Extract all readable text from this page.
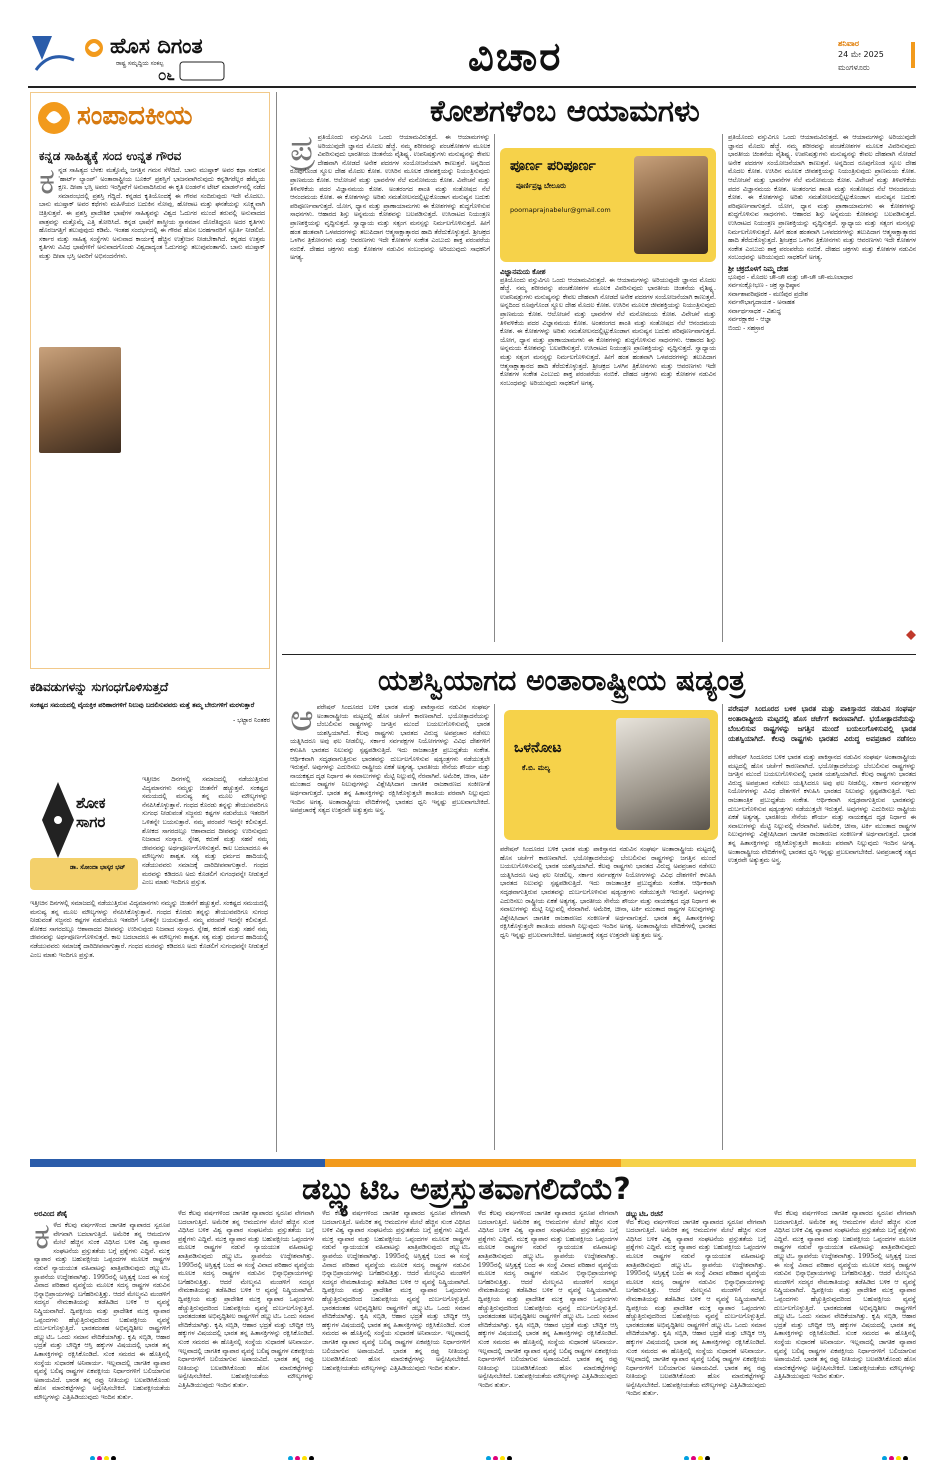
ಹೊಸ ದಿಗಂತ
ರಾಷ್ಟ್ರ ಸಮೃದ್ಧಿಯ ಸಂಕಲ್ಪ
೦೬	ವಿಚಾರ	ಶನಿವಾರ
24 ಮೇ 2025
ಮಂಗಳೂರು
ಸಂಪಾದಕೀಯ
ಕನ್ನಡ ಸಾಹಿತ್ಯಕ್ಕೆ ಸಂದ ಉನ್ನತ ಗೌರವ
ಕ ನ್ನಡ ಸಾಹಿತ್ಯದ ಬೆಳಕು ಮತ್ತೊಮ್ಮೆ ಜಗತ್ತಿನ ಗಮನ ಸೆಳೆದಿದೆ. ಬಾನು ಮುಷ್ತಾಕ್ ಅವರ ಕಥಾ ಸಂಕಲನ 'ಹಾರ್ಟ್ ಲ್ಯಾಂಪ್' ಅಂತಾರಾಷ್ಟ್ರೀಯ ಬೂಕರ್ ಪ್ರಶಸ್ತಿಗೆ ಭಾಜನವಾಗಿರುವುದು ಕನ್ನಡಿಗರೆಲ್ಲರ ಹೆಮ್ಮೆಯ ಕ್ಷಣ. ದೀಪಾ ಭಸ್ತಿ ಅವರು ಇಂಗ್ಲಿಷ್‌ಗೆ ಅನುವಾದಿಸಿರುವ ಈ ಕೃತಿ ಲಂಡನ್‌ನ ಟೇಟ್ ಮಾಡರ್ನ್‌ನಲ್ಲಿ ನಡೆದ ಸಮಾರಂಭದಲ್ಲಿ ಪ್ರಶಸ್ತಿ ಗೆದ್ದಿದೆ. ಕನ್ನಡದ ಕೃತಿಯೊಂದಕ್ಕೆ ಈ ಗೌರವ ಸಂದಿರುವುದು ಇದೇ ಮೊದಲು. ಬಾನು ಮುಷ್ತಾಕ್ ಅವರ ಕಥೆಗಳು ಮಹಿಳೆಯರ ಬದುಕಿನ ನೋವು, ಹೋರಾಟ ಮತ್ತು ಘನತೆಯನ್ನು ಸೂಕ್ಷ್ಮವಾಗಿ ಚಿತ್ರಿಸುತ್ತವೆ. ಈ ಪ್ರಶಸ್ತಿ ಪ್ರಾದೇಶಿಕ ಭಾಷೆಗಳ ಸಾಹಿತ್ಯವನ್ನು ವಿಶ್ವದ ಓದುಗರ ಮುಂದೆ ತರುವಲ್ಲಿ ಅನುವಾದದ ಪಾತ್ರವನ್ನು ಮತ್ತೊಮ್ಮೆ ಎತ್ತಿ ತೋರಿಸಿದೆ. ಕನ್ನಡ ಭಾಷೆಗೆ ಶಾಸ್ತ್ರೀಯ ಸ್ಥಾನಮಾನ ದೊರೆತಿದ್ದರೂ ಅದರ ಕೃತಿಗಳು ಹೊರಜಗತ್ತಿಗೆ ತಲುಪುವುದು ಕಡಿಮೆ. ಇಂತಹ ಸಂದರ್ಭದಲ್ಲಿ ಈ ಗೌರವ ಹೊಸ ಬರಹಗಾರರಿಗೆ ಸ್ಫೂರ್ತಿ ನೀಡಲಿದೆ. ಸರ್ಕಾರ ಮತ್ತು ಸಾಹಿತ್ಯ ಸಂಸ್ಥೆಗಳು ಅನುವಾದ ಕಾರ್ಯಕ್ಕೆ ಹೆಚ್ಚಿನ ಉತ್ತೇಜನ ನೀಡಬೇಕಾಗಿದೆ. ಕನ್ನಡದ ಉತ್ತಮ ಕೃತಿಗಳು ವಿವಿಧ ಭಾಷೆಗಳಿಗೆ ಅನುವಾದಗೊಂಡು ವಿಶ್ವದಾದ್ಯಂತ ಓದುಗರನ್ನು ತಲುಪುವಂತಾಗಲಿ. ಬಾನು ಮುಷ್ತಾಕ್ ಮತ್ತು ದೀಪಾ ಭಸ್ತಿ ಅವರಿಗೆ ಅಭಿನಂದನೆಗಳು.
ಕಡಿವಡುಗಳನ್ನು ಸುಗಂಧಗೊಳಿಸುತ್ತದೆ
ಸಂಕಷ್ಟದ ಸಮಯದಲ್ಲಿ ವೈಯಕ್ತಿಕ ಪರಿಹಾರಗಳಿಗೆ ನಿಲುವು ಬದಲಿಸುವವರು ಮತ್ತೆ ತಮ್ಮ ಬೇರುಗಳಿಗೆ ಮರಳುತ್ತಾರೆ
- ಭಟ್ಟಾರ ನಿಂತಕರ
ಶೋಕ ಸಾಗರ
ಡಾ. ಸೋಂದಾ ಭಾಸ್ಕರ ಭಟ್
ಇತ್ತೀಚಿನ ದಿನಗಳಲ್ಲಿ ಸಮಾಜದಲ್ಲಿ ನಡೆಯುತ್ತಿರುವ ವಿದ್ಯಮಾನಗಳು ನಮ್ಮನ್ನು ಚಿಂತನೆಗೆ ಹಚ್ಚುತ್ತವೆ. ಸಂಕಷ್ಟದ ಸಮಯದಲ್ಲಿ ಮನುಷ್ಯ ತನ್ನ ಮೂಲ ಮೌಲ್ಯಗಳನ್ನು ನೆನಪಿಸಿಕೊಳ್ಳುತ್ತಾನೆ. ಗಂಧದ ಕೊರಡು ತನ್ನನ್ನು ತೇಯುವವರಿಗೂ ಸುಗಂಧ ನೀಡುವಂತೆ ಸಜ್ಜನರು ಕಷ್ಟಗಳ ನಡುವೆಯೂ ಇತರರಿಗೆ ಒಳಿತನ್ನೇ ಬಯಸುತ್ತಾರೆ. ನಮ್ಮ ಪರಂಪರೆ ಇದನ್ನೇ ಕಲಿಸುತ್ತದೆ. ಶೋಕದ ಸಾಗರದಲ್ಲೂ ಆಶಾವಾದದ ದೀಪವನ್ನು ಉರಿಸುವುದು ನಿಜವಾದ ಸಂಸ್ಕಾರ. ಸ್ನೇಹ, ಕರುಣೆ ಮತ್ತು ಸಹನೆ ನಮ್ಮ ಜೀವನವನ್ನು ಅರ್ಥಪೂರ್ಣಗೊಳಿಸುತ್ತವೆ. ಕಾಲ ಬದಲಾದರೂ ಈ ಮೌಲ್ಯಗಳು ಶಾಶ್ವತ. ಸತ್ಯ ಮತ್ತು ಧರ್ಮದ ಹಾದಿಯಲ್ಲಿ ನಡೆಯುವವರು ಸಮಾಜಕ್ಕೆ ದಾರಿದೀಪವಾಗುತ್ತಾರೆ. ಗಂಧದ ಮರವನ್ನು ಕಡಿದರೂ ಅದು ಕೊಡಲಿಗೆ ಸುಗಂಧವನ್ನೇ ನೀಡುತ್ತದೆ ಎಂಬ ಮಾತು ಇಂದಿಗೂ ಪ್ರಸ್ತುತ.
ಇತ್ತೀಚಿನ ದಿನಗಳಲ್ಲಿ ಸಮಾಜದಲ್ಲಿ ನಡೆಯುತ್ತಿರುವ ವಿದ್ಯಮಾನಗಳು ನಮ್ಮನ್ನು ಚಿಂತನೆಗೆ ಹಚ್ಚುತ್ತವೆ. ಸಂಕಷ್ಟದ ಸಮಯದಲ್ಲಿ ಮನುಷ್ಯ ತನ್ನ ಮೂಲ ಮೌಲ್ಯಗಳನ್ನು ನೆನಪಿಸಿಕೊಳ್ಳುತ್ತಾನೆ. ಗಂಧದ ಕೊರಡು ತನ್ನನ್ನು ತೇಯುವವರಿಗೂ ಸುಗಂಧ ನೀಡುವಂತೆ ಸಜ್ಜನರು ಕಷ್ಟಗಳ ನಡುವೆಯೂ ಇತರರಿಗೆ ಒಳಿತನ್ನೇ ಬಯಸುತ್ತಾರೆ. ನಮ್ಮ ಪರಂಪರೆ ಇದನ್ನೇ ಕಲಿಸುತ್ತದೆ. ಶೋಕದ ಸಾಗರದಲ್ಲೂ ಆಶಾವಾದದ ದೀಪವನ್ನು ಉರಿಸುವುದು ನಿಜವಾದ ಸಂಸ್ಕಾರ. ಸ್ನೇಹ, ಕರುಣೆ ಮತ್ತು ಸಹನೆ ನಮ್ಮ ಜೀವನವನ್ನು ಅರ್ಥಪೂರ್ಣಗೊಳಿಸುತ್ತವೆ. ಕಾಲ ಬದಲಾದರೂ ಈ ಮೌಲ್ಯಗಳು ಶಾಶ್ವತ. ಸತ್ಯ ಮತ್ತು ಧರ್ಮದ ಹಾದಿಯಲ್ಲಿ ನಡೆಯುವವರು ಸಮಾಜಕ್ಕೆ ದಾರಿದೀಪವಾಗುತ್ತಾರೆ. ಗಂಧದ ಮರವನ್ನು ಕಡಿದರೂ ಅದು ಕೊಡಲಿಗೆ ಸುಗಂಧವನ್ನೇ ನೀಡುತ್ತದೆ ಎಂಬ ಮಾತು ಇಂದಿಗೂ ಪ್ರಸ್ತುತ.
ಕೋಶಗಳೆಂಬ ಆಯಾಮಗಳು
ಪ್ರ ಪ್ರತಿಯೊಂದು ವಸ್ತುವಿಗೂ ಒಂದು ಆಯಾಮವಿರುತ್ತದೆ. ಈ ಆಯಾಮಗಳನ್ನು ಅರಿಯುವುದೇ ಜ್ಞಾನದ ಮೊದಲ ಹೆಜ್ಜೆ. ನಮ್ಮ ಶರೀರವನ್ನು ಪಂಚಕೋಶಗಳ ಮೂಲಕ ವಿವರಿಸುವುದು ಭಾರತೀಯ ಚಿಂತನೆಯ ವೈಶಿಷ್ಟ್ಯ. ಉಪನಿಷತ್ತುಗಳು ಮನುಷ್ಯನನ್ನು ಕೇವಲ ದೇಹವಾಗಿ ನೋಡದೆ ಅನೇಕ ಪದರಗಳ ಸಂಯೋಜನೆಯಾಗಿ ಕಾಣುತ್ತವೆ. ಅನ್ನದಿಂದ ರೂಪುಗೊಂಡ ಸ್ಥೂಲ ದೇಹ ಮೊದಲ ಕೋಶ. ಉಸಿರಿನ ಮೂಲಕ ಜೀವಶಕ್ತಿಯನ್ನು ನಿಯಂತ್ರಿಸುವುದು ಪ್ರಾಣಮಯ ಕೋಶ. ಆಲೋಚನೆ ಮತ್ತು ಭಾವನೆಗಳ ನೆಲೆ ಮನೋಮಯ ಕೋಶ. ವಿವೇಚನೆ ಮತ್ತು ತಿಳಿವಳಿಕೆಯ ಪದರ ವಿಜ್ಞಾನಮಯ ಕೋಶ. ಅಂತರಂಗದ ಶಾಂತಿ ಮತ್ತು ಸಂತೋಷದ ನೆಲೆ ಆನಂದಮಯ ಕೋಶ. ಈ ಕೋಶಗಳನ್ನು ಅರಿತು ಸಮತೋಲನದಲ್ಲಿಟ್ಟುಕೊಂಡಾಗ ಮನುಷ್ಯನ ಬದುಕು ಪರಿಪೂರ್ಣವಾಗುತ್ತದೆ. ಯೋಗ, ಧ್ಯಾನ ಮತ್ತು ಪ್ರಾಣಾಯಾಮಗಳು ಈ ಕೋಶಗಳನ್ನು ಶುದ್ಧಗೊಳಿಸುವ ಸಾಧನಗಳು. ಆಹಾರದ ಶಿಸ್ತು ಅನ್ನಮಯ ಕೋಶವನ್ನು ಬಲಪಡಿಸುತ್ತದೆ. ಉಸಿರಾಟದ ನಿಯಂತ್ರಣ ಪ್ರಾಣಶಕ್ತಿಯನ್ನು ವೃದ್ಧಿಸುತ್ತದೆ. ಸ್ವಾಧ್ಯಾಯ ಮತ್ತು ಸತ್ಸಂಗ ಮನಸ್ಸನ್ನು ನಿರ್ಮಲಗೊಳಿಸುತ್ತದೆ. ಹೀಗೆ ಹಂತ ಹಂತವಾಗಿ ಒಳಪದರಗಳನ್ನು ತಲುಪಿದಾಗ ಆತ್ಮಸಾಕ್ಷಾತ್ಕಾರದ ಹಾದಿ ತೆರೆದುಕೊಳ್ಳುತ್ತದೆ. ಶ್ರೀಚಕ್ರದ ಒಳಗಿನ ತ್ರಿಕೋನಗಳು ಮತ್ತು ಆವರಣಗಳು ಇದೇ ಕೋಶಗಳ ಸಂಕೇತ ಎಂಬುದು ಶಾಕ್ತ ಪರಂಪರೆಯ ನಂಬಿಕೆ. ದೇಹದ ಚಕ್ರಗಳು ಮತ್ತು ಕೋಶಗಳ ನಡುವಿನ ಸಂಬಂಧವನ್ನು ಅರಿಯುವುದು ಸಾಧಕನಿಗೆ ಅಗತ್ಯ.
ಪೂರ್ಣ ಪರಿಪೂರ್ಣ
ಪೂರ್ಣಿಪ್ರಜ್ಞ ಬೇಲೂರು
poornaprajnabelur@gmail.com
ವಿಜ್ಞಾನಮಯ ಕೋಶ
ಪ್ರತಿಯೊಂದು ವಸ್ತುವಿಗೂ ಒಂದು ಆಯಾಮವಿರುತ್ತದೆ. ಈ ಆಯಾಮಗಳನ್ನು ಅರಿಯುವುದೇ ಜ್ಞಾನದ ಮೊದಲ ಹೆಜ್ಜೆ. ನಮ್ಮ ಶರೀರವನ್ನು ಪಂಚಕೋಶಗಳ ಮೂಲಕ ವಿವರಿಸುವುದು ಭಾರತೀಯ ಚಿಂತನೆಯ ವೈಶಿಷ್ಟ್ಯ. ಉಪನಿಷತ್ತುಗಳು ಮನುಷ್ಯನನ್ನು ಕೇವಲ ದೇಹವಾಗಿ ನೋಡದೆ ಅನೇಕ ಪದರಗಳ ಸಂಯೋಜನೆಯಾಗಿ ಕಾಣುತ್ತವೆ. ಅನ್ನದಿಂದ ರೂಪುಗೊಂಡ ಸ್ಥೂಲ ದೇಹ ಮೊದಲ ಕೋಶ. ಉಸಿರಿನ ಮೂಲಕ ಜೀವಶಕ್ತಿಯನ್ನು ನಿಯಂತ್ರಿಸುವುದು ಪ್ರಾಣಮಯ ಕೋಶ. ಆಲೋಚನೆ ಮತ್ತು ಭಾವನೆಗಳ ನೆಲೆ ಮನೋಮಯ ಕೋಶ. ವಿವೇಚನೆ ಮತ್ತು ತಿಳಿವಳಿಕೆಯ ಪದರ ವಿಜ್ಞಾನಮಯ ಕೋಶ. ಅಂತರಂಗದ ಶಾಂತಿ ಮತ್ತು ಸಂತೋಷದ ನೆಲೆ ಆನಂದಮಯ ಕೋಶ. ಈ ಕೋಶಗಳನ್ನು ಅರಿತು ಸಮತೋಲನದಲ್ಲಿಟ್ಟುಕೊಂಡಾಗ ಮನುಷ್ಯನ ಬದುಕು ಪರಿಪೂರ್ಣವಾಗುತ್ತದೆ. ಯೋಗ, ಧ್ಯಾನ ಮತ್ತು ಪ್ರಾಣಾಯಾಮಗಳು ಈ ಕೋಶಗಳನ್ನು ಶುದ್ಧಗೊಳಿಸುವ ಸಾಧನಗಳು. ಆಹಾರದ ಶಿಸ್ತು ಅನ್ನಮಯ ಕೋಶವನ್ನು ಬಲಪಡಿಸುತ್ತದೆ. ಉಸಿರಾಟದ ನಿಯಂತ್ರಣ ಪ್ರಾಣಶಕ್ತಿಯನ್ನು ವೃದ್ಧಿಸುತ್ತದೆ. ಸ್ವಾಧ್ಯಾಯ ಮತ್ತು ಸತ್ಸಂಗ ಮನಸ್ಸನ್ನು ನಿರ್ಮಲಗೊಳಿಸುತ್ತದೆ. ಹೀಗೆ ಹಂತ ಹಂತವಾಗಿ ಒಳಪದರಗಳನ್ನು ತಲುಪಿದಾಗ ಆತ್ಮಸಾಕ್ಷಾತ್ಕಾರದ ಹಾದಿ ತೆರೆದುಕೊಳ್ಳುತ್ತದೆ. ಶ್ರೀಚಕ್ರದ ಒಳಗಿನ ತ್ರಿಕೋನಗಳು ಮತ್ತು ಆವರಣಗಳು ಇದೇ ಕೋಶಗಳ ಸಂಕೇತ ಎಂಬುದು ಶಾಕ್ತ ಪರಂಪರೆಯ ನಂಬಿಕೆ. ದೇಹದ ಚಕ್ರಗಳು ಮತ್ತು ಕೋಶಗಳ ನಡುವಿನ ಸಂಬಂಧವನ್ನು ಅರಿಯುವುದು ಸಾಧಕನಿಗೆ ಅಗತ್ಯ.
ಪ್ರತಿಯೊಂದು ವಸ್ತುವಿಗೂ ಒಂದು ಆಯಾಮವಿರುತ್ತದೆ. ಈ ಆಯಾಮಗಳನ್ನು ಅರಿಯುವುದೇ ಜ್ಞಾನದ ಮೊದಲ ಹೆಜ್ಜೆ. ನಮ್ಮ ಶರೀರವನ್ನು ಪಂಚಕೋಶಗಳ ಮೂಲಕ ವಿವರಿಸುವುದು ಭಾರತೀಯ ಚಿಂತನೆಯ ವೈಶಿಷ್ಟ್ಯ. ಉಪನಿಷತ್ತುಗಳು ಮನುಷ್ಯನನ್ನು ಕೇವಲ ದೇಹವಾಗಿ ನೋಡದೆ ಅನೇಕ ಪದರಗಳ ಸಂಯೋಜನೆಯಾಗಿ ಕಾಣುತ್ತವೆ. ಅನ್ನದಿಂದ ರೂಪುಗೊಂಡ ಸ್ಥೂಲ ದೇಹ ಮೊದಲ ಕೋಶ. ಉಸಿರಿನ ಮೂಲಕ ಜೀವಶಕ್ತಿಯನ್ನು ನಿಯಂತ್ರಿಸುವುದು ಪ್ರಾಣಮಯ ಕೋಶ. ಆಲೋಚನೆ ಮತ್ತು ಭಾವನೆಗಳ ನೆಲೆ ಮನೋಮಯ ಕೋಶ. ವಿವೇಚನೆ ಮತ್ತು ತಿಳಿವಳಿಕೆಯ ಪದರ ವಿಜ್ಞಾನಮಯ ಕೋಶ. ಅಂತರಂಗದ ಶಾಂತಿ ಮತ್ತು ಸಂತೋಷದ ನೆಲೆ ಆನಂದಮಯ ಕೋಶ. ಈ ಕೋಶಗಳನ್ನು ಅರಿತು ಸಮತೋಲನದಲ್ಲಿಟ್ಟುಕೊಂಡಾಗ ಮನುಷ್ಯನ ಬದುಕು ಪರಿಪೂರ್ಣವಾಗುತ್ತದೆ. ಯೋಗ, ಧ್ಯಾನ ಮತ್ತು ಪ್ರಾಣಾಯಾಮಗಳು ಈ ಕೋಶಗಳನ್ನು ಶುದ್ಧಗೊಳಿಸುವ ಸಾಧನಗಳು. ಆಹಾರದ ಶಿಸ್ತು ಅನ್ನಮಯ ಕೋಶವನ್ನು ಬಲಪಡಿಸುತ್ತದೆ. ಉಸಿರಾಟದ ನಿಯಂತ್ರಣ ಪ್ರಾಣಶಕ್ತಿಯನ್ನು ವೃದ್ಧಿಸುತ್ತದೆ. ಸ್ವಾಧ್ಯಾಯ ಮತ್ತು ಸತ್ಸಂಗ ಮನಸ್ಸನ್ನು ನಿರ್ಮಲಗೊಳಿಸುತ್ತದೆ. ಹೀಗೆ ಹಂತ ಹಂತವಾಗಿ ಒಳಪದರಗಳನ್ನು ತಲುಪಿದಾಗ ಆತ್ಮಸಾಕ್ಷಾತ್ಕಾರದ ಹಾದಿ ತೆರೆದುಕೊಳ್ಳುತ್ತದೆ. ಶ್ರೀಚಕ್ರದ ಒಳಗಿನ ತ್ರಿಕೋನಗಳು ಮತ್ತು ಆವರಣಗಳು ಇದೇ ಕೋಶಗಳ ಸಂಕೇತ ಎಂಬುದು ಶಾಕ್ತ ಪರಂಪರೆಯ ನಂಬಿಕೆ. ದೇಹದ ಚಕ್ರಗಳು ಮತ್ತು ಕೋಶಗಳ ನಡುವಿನ ಸಂಬಂಧವನ್ನು ಅರಿಯುವುದು ಸಾಧಕನಿಗೆ ಅಗತ್ಯ.
ಶ್ರೀ ಚಕ್ರದೊಳಗೆ ನಿಮ್ಮ ದೇಹ
ಭೂಪುರ - ಮೊದಲ ಚೌ-ಚೌ ಮತ್ತು ಚೌ-ಚೌ ಚೌ-ಮೂಲಾಧಾರ
ಸರ್ವಸಂಕ್ಷೋಭಣ - ಚಕ್ರ ಸ್ವಾಧಿಷ್ಠಾನ
ಸರ್ವಾಶಾಪರಿಪೂರಕ - ಮಣಿಪುರ ಪ್ರದೇಶ
ಸರ್ವಸೌಭಾಗ್ಯದಾಯಕ - ಅನಾಹತ
ಸರ್ವಾರ್ಥಸಾಧಕ - ವಿಶುದ್ಧ
ಸರ್ವರಕ್ಷಾಕರ - ಆಜ್ಞಾ
ಬಿಂದು - ಸಹಸ್ರಾರ
ಯಶಸ್ವಿಯಾಗದ ಅಂತಾರಾಷ್ಟ್ರೀಯ ಷಡ್ಯಂತ್ರ
ಆ ಪರೇಷನ್ ಸಿಂದೂರದ ಬಳಿಕ ಭಾರತ ಮತ್ತು ಪಾಕಿಸ್ತಾನದ ನಡುವಿನ ಸಂಘರ್ಷ ಅಂತಾರಾಷ್ಟ್ರೀಯ ಮಟ್ಟದಲ್ಲಿ ಹೊಸ ಚರ್ಚೆಗೆ ಕಾರಣವಾಗಿದೆ. ಭಯೋತ್ಪಾದನೆಯನ್ನು ಬೆಂಬಲಿಸುವ ರಾಷ್ಟ್ರಗಳನ್ನು ಜಗತ್ತಿನ ಮುಂದೆ ಬಯಲುಗೊಳಿಸುವಲ್ಲಿ ಭಾರತ ಯಶಸ್ವಿಯಾಗಿದೆ. ಕೆಲವು ರಾಷ್ಟ್ರಗಳು ಭಾರತದ ವಿರುದ್ಧ ಅಪಪ್ರಚಾರ ನಡೆಸಲು ಯತ್ನಿಸಿದರೂ ಅವು ಫಲ ನೀಡಲಿಲ್ಲ. ಸರ್ಕಾರ ಸರ್ವಪಕ್ಷಗಳ ನಿಯೋಗಗಳನ್ನು ವಿವಿಧ ದೇಶಗಳಿಗೆ ಕಳುಹಿಸಿ ಭಾರತದ ನಿಲುವನ್ನು ಸ್ಪಷ್ಟಪಡಿಸುತ್ತಿದೆ. ಇದು ರಾಜತಾಂತ್ರಿಕ ಪ್ರಬುದ್ಧತೆಯ ಸಂಕೇತ. ಆರ್ಥಿಕವಾಗಿ ಸದೃಢವಾಗುತ್ತಿರುವ ಭಾರತವನ್ನು ದುರ್ಬಲಗೊಳಿಸುವ ಷಡ್ಯಂತ್ರಗಳು ನಡೆಯುತ್ತಲೇ ಇರುತ್ತವೆ. ಅವುಗಳನ್ನು ಎದುರಿಸಲು ರಾಷ್ಟ್ರೀಯ ಏಕತೆ ಅತ್ಯಗತ್ಯ. ಭಾರತೀಯ ಸೇನೆಯ ಶೌರ್ಯ ಮತ್ತು ನಾಯಕತ್ವದ ದೃಢ ನಿರ್ಧಾರ ಈ ಸವಾಲುಗಳನ್ನು ಮೆಟ್ಟಿ ನಿಲ್ಲುವಲ್ಲಿ ನೆರವಾಗಿವೆ. ಅಮೆರಿಕ, ಚೀನಾ, ಟರ್ಕಿ ಮುಂತಾದ ರಾಷ್ಟ್ರಗಳ ನಿಲುವುಗಳನ್ನು ವಿಶ್ಲೇಷಿಸಿದಾಗ ಜಾಗತಿಕ ರಾಜಕಾರಣದ ಸಂಕೀರ್ಣತೆ ಅರ್ಥವಾಗುತ್ತದೆ. ಭಾರತ ತನ್ನ ಹಿತಾಸಕ್ತಿಗಳನ್ನು ರಕ್ಷಿಸಿಕೊಳ್ಳುತ್ತಲೇ ಶಾಂತಿಯ ಪರವಾಗಿ ನಿಲ್ಲುವುದು ಇಂದಿನ ಅಗತ್ಯ. ಅಂತಾರಾಷ್ಟ್ರೀಯ ವೇದಿಕೆಗಳಲ್ಲಿ ಭಾರತದ ಧ್ವನಿ ಇನ್ನಷ್ಟು ಪ್ರಬಲವಾಗಬೇಕಿದೆ. ಅಪಪ್ರಚಾರಕ್ಕೆ ಸತ್ಯದ ಉತ್ತರವೇ ಅತ್ಯುತ್ತಮ ಅಸ್ತ್ರ.
ಒಳನೋಟ
ಕೆ.ಬಿ. ಮಲ್ಯ
ಪರೇಷನ್ ಸಿಂದೂರದ ಬಳಿಕ ಭಾರತ ಮತ್ತು ಪಾಕಿಸ್ತಾನದ ನಡುವಿನ ಸಂಘರ್ಷ ಅಂತಾರಾಷ್ಟ್ರೀಯ ಮಟ್ಟದಲ್ಲಿ ಹೊಸ ಚರ್ಚೆಗೆ ಕಾರಣವಾಗಿದೆ. ಭಯೋತ್ಪಾದನೆಯನ್ನು ಬೆಂಬಲಿಸುವ ರಾಷ್ಟ್ರಗಳನ್ನು ಜಗತ್ತಿನ ಮುಂದೆ ಬಯಲುಗೊಳಿಸುವಲ್ಲಿ ಭಾರತ ಯಶಸ್ವಿಯಾಗಿದೆ. ಕೆಲವು ರಾಷ್ಟ್ರಗಳು ಭಾರತದ ವಿರುದ್ಧ ಅಪಪ್ರಚಾರ ನಡೆಸಲು ಯತ್ನಿಸಿದರೂ ಅವು ಫಲ ನೀಡಲಿಲ್ಲ. ಸರ್ಕಾರ ಸರ್ವಪಕ್ಷಗಳ ನಿಯೋಗಗಳನ್ನು ವಿವಿಧ ದೇಶಗಳಿಗೆ ಕಳುಹಿಸಿ ಭಾರತದ ನಿಲುವನ್ನು ಸ್ಪಷ್ಟಪಡಿಸುತ್ತಿದೆ. ಇದು ರಾಜತಾಂತ್ರಿಕ ಪ್ರಬುದ್ಧತೆಯ ಸಂಕೇತ. ಆರ್ಥಿಕವಾಗಿ ಸದೃಢವಾಗುತ್ತಿರುವ ಭಾರತವನ್ನು ದುರ್ಬಲಗೊಳಿಸುವ ಷಡ್ಯಂತ್ರಗಳು ನಡೆಯುತ್ತಲೇ ಇರುತ್ತವೆ. ಅವುಗಳನ್ನು ಎದುರಿಸಲು ರಾಷ್ಟ್ರೀಯ ಏಕತೆ ಅತ್ಯಗತ್ಯ. ಭಾರತೀಯ ಸೇನೆಯ ಶೌರ್ಯ ಮತ್ತು ನಾಯಕತ್ವದ ದೃಢ ನಿರ್ಧಾರ ಈ ಸವಾಲುಗಳನ್ನು ಮೆಟ್ಟಿ ನಿಲ್ಲುವಲ್ಲಿ ನೆರವಾಗಿವೆ. ಅಮೆರಿಕ, ಚೀನಾ, ಟರ್ಕಿ ಮುಂತಾದ ರಾಷ್ಟ್ರಗಳ ನಿಲುವುಗಳನ್ನು ವಿಶ್ಲೇಷಿಸಿದಾಗ ಜಾಗತಿಕ ರಾಜಕಾರಣದ ಸಂಕೀರ್ಣತೆ ಅರ್ಥವಾಗುತ್ತದೆ. ಭಾರತ ತನ್ನ ಹಿತಾಸಕ್ತಿಗಳನ್ನು ರಕ್ಷಿಸಿಕೊಳ್ಳುತ್ತಲೇ ಶಾಂತಿಯ ಪರವಾಗಿ ನಿಲ್ಲುವುದು ಇಂದಿನ ಅಗತ್ಯ. ಅಂತಾರಾಷ್ಟ್ರೀಯ ವೇದಿಕೆಗಳಲ್ಲಿ ಭಾರತದ ಧ್ವನಿ ಇನ್ನಷ್ಟು ಪ್ರಬಲವಾಗಬೇಕಿದೆ. ಅಪಪ್ರಚಾರಕ್ಕೆ ಸತ್ಯದ ಉತ್ತರವೇ ಅತ್ಯುತ್ತಮ ಅಸ್ತ್ರ.
ಪರೇಷನ್ ಸಿಂದೂರದ ಬಳಿಕ ಭಾರತ ಮತ್ತು ಪಾಕಿಸ್ತಾನದ ನಡುವಿನ ಸಂಘರ್ಷ ಅಂತಾರಾಷ್ಟ್ರೀಯ ಮಟ್ಟದಲ್ಲಿ ಹೊಸ ಚರ್ಚೆಗೆ ಕಾರಣವಾಗಿದೆ. ಭಯೋತ್ಪಾದನೆಯನ್ನು ಬೆಂಬಲಿಸುವ ರಾಷ್ಟ್ರಗಳನ್ನು ಜಗತ್ತಿನ ಮುಂದೆ ಬಯಲುಗೊಳಿಸುವಲ್ಲಿ ಭಾರತ ಯಶಸ್ವಿಯಾಗಿದೆ. ಕೆಲವು ರಾಷ್ಟ್ರಗಳು ಭಾರತದ ವಿರುದ್ಧ ಅಪಪ್ರಚಾರ ನಡೆಸಲು
ಪರೇಷನ್ ಸಿಂದೂರದ ಬಳಿಕ ಭಾರತ ಮತ್ತು ಪಾಕಿಸ್ತಾನದ ನಡುವಿನ ಸಂಘರ್ಷ ಅಂತಾರಾಷ್ಟ್ರೀಯ ಮಟ್ಟದಲ್ಲಿ ಹೊಸ ಚರ್ಚೆಗೆ ಕಾರಣವಾಗಿದೆ. ಭಯೋತ್ಪಾದನೆಯನ್ನು ಬೆಂಬಲಿಸುವ ರಾಷ್ಟ್ರಗಳನ್ನು ಜಗತ್ತಿನ ಮುಂದೆ ಬಯಲುಗೊಳಿಸುವಲ್ಲಿ ಭಾರತ ಯಶಸ್ವಿಯಾಗಿದೆ. ಕೆಲವು ರಾಷ್ಟ್ರಗಳು ಭಾರತದ ವಿರುದ್ಧ ಅಪಪ್ರಚಾರ ನಡೆಸಲು ಯತ್ನಿಸಿದರೂ ಅವು ಫಲ ನೀಡಲಿಲ್ಲ. ಸರ್ಕಾರ ಸರ್ವಪಕ್ಷಗಳ ನಿಯೋಗಗಳನ್ನು ವಿವಿಧ ದೇಶಗಳಿಗೆ ಕಳುಹಿಸಿ ಭಾರತದ ನಿಲುವನ್ನು ಸ್ಪಷ್ಟಪಡಿಸುತ್ತಿದೆ. ಇದು ರಾಜತಾಂತ್ರಿಕ ಪ್ರಬುದ್ಧತೆಯ ಸಂಕೇತ. ಆರ್ಥಿಕವಾಗಿ ಸದೃಢವಾಗುತ್ತಿರುವ ಭಾರತವನ್ನು ದುರ್ಬಲಗೊಳಿಸುವ ಷಡ್ಯಂತ್ರಗಳು ನಡೆಯುತ್ತಲೇ ಇರುತ್ತವೆ. ಅವುಗಳನ್ನು ಎದುರಿಸಲು ರಾಷ್ಟ್ರೀಯ ಏಕತೆ ಅತ್ಯಗತ್ಯ. ಭಾರತೀಯ ಸೇನೆಯ ಶೌರ್ಯ ಮತ್ತು ನಾಯಕತ್ವದ ದೃಢ ನಿರ್ಧಾರ ಈ ಸವಾಲುಗಳನ್ನು ಮೆಟ್ಟಿ ನಿಲ್ಲುವಲ್ಲಿ ನೆರವಾಗಿವೆ. ಅಮೆರಿಕ, ಚೀನಾ, ಟರ್ಕಿ ಮುಂತಾದ ರಾಷ್ಟ್ರಗಳ ನಿಲುವುಗಳನ್ನು ವಿಶ್ಲೇಷಿಸಿದಾಗ ಜಾಗತಿಕ ರಾಜಕಾರಣದ ಸಂಕೀರ್ಣತೆ ಅರ್ಥವಾಗುತ್ತದೆ. ಭಾರತ ತನ್ನ ಹಿತಾಸಕ್ತಿಗಳನ್ನು ರಕ್ಷಿಸಿಕೊಳ್ಳುತ್ತಲೇ ಶಾಂತಿಯ ಪರವಾಗಿ ನಿಲ್ಲುವುದು ಇಂದಿನ ಅಗತ್ಯ. ಅಂತಾರಾಷ್ಟ್ರೀಯ ವೇದಿಕೆಗಳಲ್ಲಿ ಭಾರತದ ಧ್ವನಿ ಇನ್ನಷ್ಟು ಪ್ರಬಲವಾಗಬೇಕಿದೆ. ಅಪಪ್ರಚಾರಕ್ಕೆ ಸತ್ಯದ ಉತ್ತರವೇ ಅತ್ಯುತ್ತಮ ಅಸ್ತ್ರ.
ಡಬ್ಲ್ಯುಟಿಒ ಅಪ್ರಸ್ತುತವಾಗಲಿದೆಯೆ?
ಅರವಿಂದ ಶೆಣೈ
ಕ ಳೆದ ಕೆಲವು ವರ್ಷಗಳಿಂದ ಜಾಗತಿಕ ವ್ಯಾಪಾರದ ಸ್ವರೂಪ ವೇಗವಾಗಿ ಬದಲಾಗುತ್ತಿದೆ. ಅಮೆರಿಕ ತನ್ನ ಆಮದುಗಳ ಮೇಲೆ ಹೆಚ್ಚಿನ ಸುಂಕ ವಿಧಿಸಿದ ಬಳಿಕ ವಿಶ್ವ ವ್ಯಾಪಾರ ಸಂಘಟನೆಯ ಪ್ರಸ್ತುತತೆಯ ಬಗ್ಗೆ ಪ್ರಶ್ನೆಗಳು ಎದ್ದಿವೆ. ಮುಕ್ತ ವ್ಯಾಪಾರ ಮತ್ತು ಬಹುಪಕ್ಷೀಯ ಒಪ್ಪಂದಗಳ ಮೂಲಕ ರಾಷ್ಟ್ರಗಳ ನಡುವೆ ನ್ಯಾಯಯುತ ವಹಿವಾಟನ್ನು ಖಾತ್ರಿಪಡಿಸುವುದು ಡಬ್ಲ್ಯುಟಿಒ ಸ್ಥಾಪನೆಯ ಉದ್ದೇಶವಾಗಿತ್ತು. 1995ರಲ್ಲಿ ಅಸ್ತಿತ್ವಕ್ಕೆ ಬಂದ ಈ ಸಂಸ್ಥೆ ವಿವಾದ ಪರಿಹಾರ ವ್ಯವಸ್ಥೆಯ ಮೂಲಕ ಸದಸ್ಯ ರಾಷ್ಟ್ರಗಳ ನಡುವಿನ ಭಿನ್ನಾಭಿಪ್ರಾಯಗಳನ್ನು ಬಗೆಹರಿಸುತ್ತಿತ್ತು. ಆದರೆ ಮೇಲ್ಮನವಿ ಮಂಡಳಿಗೆ ಸದಸ್ಯರ ನೇಮಕಾತಿಯನ್ನು ತಡೆಹಿಡಿದ ಬಳಿಕ ಆ ವ್ಯವಸ್ಥೆ ನಿಷ್ಕ್ರಿಯವಾಗಿದೆ. ದ್ವಿಪಕ್ಷೀಯ ಮತ್ತು ಪ್ರಾದೇಶಿಕ ಮುಕ್ತ ವ್ಯಾಪಾರ ಒಪ್ಪಂದಗಳು ಹೆಚ್ಚುತ್ತಿರುವುದರಿಂದ ಬಹುಪಕ್ಷೀಯ ವ್ಯವಸ್ಥೆ ದುರ್ಬಲಗೊಳ್ಳುತ್ತಿದೆ. ಭಾರತದಂತಹ ಅಭಿವೃದ್ಧಿಶೀಲ ರಾಷ್ಟ್ರಗಳಿಗೆ ಡಬ್ಲ್ಯುಟಿಒ ಒಂದು ಸಮಾನ ವೇದಿಕೆಯಾಗಿತ್ತು. ಕೃಷಿ ಸಬ್ಸಿಡಿ, ಆಹಾರ ಭದ್ರತೆ ಮತ್ತು ಬೌದ್ಧಿಕ ಆಸ್ತಿ ಹಕ್ಕುಗಳ ವಿಷಯದಲ್ಲಿ ಭಾರತ ತನ್ನ ಹಿತಾಸಕ್ತಿಗಳನ್ನು ರಕ್ಷಿಸಿಕೊಂಡಿದೆ. ಸುಂಕ ಸಮರದ ಈ ಹೊತ್ತಿನಲ್ಲಿ ಸಂಸ್ಥೆಯ ಸುಧಾರಣೆ ಅನಿವಾರ್ಯ. ಇಲ್ಲವಾದಲ್ಲಿ ಜಾಗತಿಕ ವ್ಯಾಪಾರ ವ್ಯವಸ್ಥೆ ಬಲಿಷ್ಠ ರಾಷ್ಟ್ರಗಳ ಏಕಪಕ್ಷೀಯ ನಿರ್ಧಾರಗಳಿಗೆ ಬಲಿಯಾಗುವ ಅಪಾಯವಿದೆ. ಭಾರತ ತನ್ನ ರಫ್ತು ನೀತಿಯನ್ನು ಬಲಪಡಿಸಿಕೊಂಡು ಹೊಸ ಮಾರುಕಟ್ಟೆಗಳನ್ನು ಅನ್ವೇಷಿಸಬೇಕಿದೆ. ಬಹುಪಕ್ಷೀಯತೆಯ ಮೌಲ್ಯಗಳನ್ನು ಎತ್ತಿಹಿಡಿಯುವುದು ಇಂದಿನ ತುರ್ತು.
ಳೆದ ಕೆಲವು ವರ್ಷಗಳಿಂದ ಜಾಗತಿಕ ವ್ಯಾಪಾರದ ಸ್ವರೂಪ ವೇಗವಾಗಿ ಬದಲಾಗುತ್ತಿದೆ. ಅಮೆರಿಕ ತನ್ನ ಆಮದುಗಳ ಮೇಲೆ ಹೆಚ್ಚಿನ ಸುಂಕ ವಿಧಿಸಿದ ಬಳಿಕ ವಿಶ್ವ ವ್ಯಾಪಾರ ಸಂಘಟನೆಯ ಪ್ರಸ್ತುತತೆಯ ಬಗ್ಗೆ ಪ್ರಶ್ನೆಗಳು ಎದ್ದಿವೆ. ಮುಕ್ತ ವ್ಯಾಪಾರ ಮತ್ತು ಬಹುಪಕ್ಷೀಯ ಒಪ್ಪಂದಗಳ ಮೂಲಕ ರಾಷ್ಟ್ರಗಳ ನಡುವೆ ನ್ಯಾಯಯುತ ವಹಿವಾಟನ್ನು ಖಾತ್ರಿಪಡಿಸುವುದು ಡಬ್ಲ್ಯುಟಿಒ ಸ್ಥಾಪನೆಯ ಉದ್ದೇಶವಾಗಿತ್ತು. 1995ರಲ್ಲಿ ಅಸ್ತಿತ್ವಕ್ಕೆ ಬಂದ ಈ ಸಂಸ್ಥೆ ವಿವಾದ ಪರಿಹಾರ ವ್ಯವಸ್ಥೆಯ ಮೂಲಕ ಸದಸ್ಯ ರಾಷ್ಟ್ರಗಳ ನಡುವಿನ ಭಿನ್ನಾಭಿಪ್ರಾಯಗಳನ್ನು ಬಗೆಹರಿಸುತ್ತಿತ್ತು. ಆದರೆ ಮೇಲ್ಮನವಿ ಮಂಡಳಿಗೆ ಸದಸ್ಯರ ನೇಮಕಾತಿಯನ್ನು ತಡೆಹಿಡಿದ ಬಳಿಕ ಆ ವ್ಯವಸ್ಥೆ ನಿಷ್ಕ್ರಿಯವಾಗಿದೆ. ದ್ವಿಪಕ್ಷೀಯ ಮತ್ತು ಪ್ರಾದೇಶಿಕ ಮುಕ್ತ ವ್ಯಾಪಾರ ಒಪ್ಪಂದಗಳು ಹೆಚ್ಚುತ್ತಿರುವುದರಿಂದ ಬಹುಪಕ್ಷೀಯ ವ್ಯವಸ್ಥೆ ದುರ್ಬಲಗೊಳ್ಳುತ್ತಿದೆ. ಭಾರತದಂತಹ ಅಭಿವೃದ್ಧಿಶೀಲ ರಾಷ್ಟ್ರಗಳಿಗೆ ಡಬ್ಲ್ಯುಟಿಒ ಒಂದು ಸಮಾನ ವೇದಿಕೆಯಾಗಿತ್ತು. ಕೃಷಿ ಸಬ್ಸಿಡಿ, ಆಹಾರ ಭದ್ರತೆ ಮತ್ತು ಬೌದ್ಧಿಕ ಆಸ್ತಿ ಹಕ್ಕುಗಳ ವಿಷಯದಲ್ಲಿ ಭಾರತ ತನ್ನ ಹಿತಾಸಕ್ತಿಗಳನ್ನು ರಕ್ಷಿಸಿಕೊಂಡಿದೆ. ಸುಂಕ ಸಮರದ ಈ ಹೊತ್ತಿನಲ್ಲಿ ಸಂಸ್ಥೆಯ ಸುಧಾರಣೆ ಅನಿವಾರ್ಯ. ಇಲ್ಲವಾದಲ್ಲಿ ಜಾಗತಿಕ ವ್ಯಾಪಾರ ವ್ಯವಸ್ಥೆ ಬಲಿಷ್ಠ ರಾಷ್ಟ್ರಗಳ ಏಕಪಕ್ಷೀಯ ನಿರ್ಧಾರಗಳಿಗೆ ಬಲಿಯಾಗುವ ಅಪಾಯವಿದೆ. ಭಾರತ ತನ್ನ ರಫ್ತು ನೀತಿಯನ್ನು ಬಲಪಡಿಸಿಕೊಂಡು ಹೊಸ ಮಾರುಕಟ್ಟೆಗಳನ್ನು ಅನ್ವೇಷಿಸಬೇಕಿದೆ. ಬಹುಪಕ್ಷೀಯತೆಯ ಮೌಲ್ಯಗಳನ್ನು ಎತ್ತಿಹಿಡಿಯುವುದು ಇಂದಿನ ತುರ್ತು.
ಳೆದ ಕೆಲವು ವರ್ಷಗಳಿಂದ ಜಾಗತಿಕ ವ್ಯಾಪಾರದ ಸ್ವರೂಪ ವೇಗವಾಗಿ ಬದಲಾಗುತ್ತಿದೆ. ಅಮೆರಿಕ ತನ್ನ ಆಮದುಗಳ ಮೇಲೆ ಹೆಚ್ಚಿನ ಸುಂಕ ವಿಧಿಸಿದ ಬಳಿಕ ವಿಶ್ವ ವ್ಯಾಪಾರ ಸಂಘಟನೆಯ ಪ್ರಸ್ತುತತೆಯ ಬಗ್ಗೆ ಪ್ರಶ್ನೆಗಳು ಎದ್ದಿವೆ. ಮುಕ್ತ ವ್ಯಾಪಾರ ಮತ್ತು ಬಹುಪಕ್ಷೀಯ ಒಪ್ಪಂದಗಳ ಮೂಲಕ ರಾಷ್ಟ್ರಗಳ ನಡುವೆ ನ್ಯಾಯಯುತ ವಹಿವಾಟನ್ನು ಖಾತ್ರಿಪಡಿಸುವುದು ಡಬ್ಲ್ಯುಟಿಒ ಸ್ಥಾಪನೆಯ ಉದ್ದೇಶವಾಗಿತ್ತು. 1995ರಲ್ಲಿ ಅಸ್ತಿತ್ವಕ್ಕೆ ಬಂದ ಈ ಸಂಸ್ಥೆ ವಿವಾದ ಪರಿಹಾರ ವ್ಯವಸ್ಥೆಯ ಮೂಲಕ ಸದಸ್ಯ ರಾಷ್ಟ್ರಗಳ ನಡುವಿನ ಭಿನ್ನಾಭಿಪ್ರಾಯಗಳನ್ನು ಬಗೆಹರಿಸುತ್ತಿತ್ತು. ಆದರೆ ಮೇಲ್ಮನವಿ ಮಂಡಳಿಗೆ ಸದಸ್ಯರ ನೇಮಕಾತಿಯನ್ನು ತಡೆಹಿಡಿದ ಬಳಿಕ ಆ ವ್ಯವಸ್ಥೆ ನಿಷ್ಕ್ರಿಯವಾಗಿದೆ. ದ್ವಿಪಕ್ಷೀಯ ಮತ್ತು ಪ್ರಾದೇಶಿಕ ಮುಕ್ತ ವ್ಯಾಪಾರ ಒಪ್ಪಂದಗಳು ಹೆಚ್ಚುತ್ತಿರುವುದರಿಂದ ಬಹುಪಕ್ಷೀಯ ವ್ಯವಸ್ಥೆ ದುರ್ಬಲಗೊಳ್ಳುತ್ತಿದೆ. ಭಾರತದಂತಹ ಅಭಿವೃದ್ಧಿಶೀಲ ರಾಷ್ಟ್ರಗಳಿಗೆ ಡಬ್ಲ್ಯುಟಿಒ ಒಂದು ಸಮಾನ ವೇದಿಕೆಯಾಗಿತ್ತು. ಕೃಷಿ ಸಬ್ಸಿಡಿ, ಆಹಾರ ಭದ್ರತೆ ಮತ್ತು ಬೌದ್ಧಿಕ ಆಸ್ತಿ ಹಕ್ಕುಗಳ ವಿಷಯದಲ್ಲಿ ಭಾರತ ತನ್ನ ಹಿತಾಸಕ್ತಿಗಳನ್ನು ರಕ್ಷಿಸಿಕೊಂಡಿದೆ. ಸುಂಕ ಸಮರದ ಈ ಹೊತ್ತಿನಲ್ಲಿ ಸಂಸ್ಥೆಯ ಸುಧಾರಣೆ ಅನಿವಾರ್ಯ. ಇಲ್ಲವಾದಲ್ಲಿ ಜಾಗತಿಕ ವ್ಯಾಪಾರ ವ್ಯವಸ್ಥೆ ಬಲಿಷ್ಠ ರಾಷ್ಟ್ರಗಳ ಏಕಪಕ್ಷೀಯ ನಿರ್ಧಾರಗಳಿಗೆ ಬಲಿಯಾಗುವ ಅಪಾಯವಿದೆ. ಭಾರತ ತನ್ನ ರಫ್ತು ನೀತಿಯನ್ನು ಬಲಪಡಿಸಿಕೊಂಡು ಹೊಸ ಮಾರುಕಟ್ಟೆಗಳನ್ನು ಅನ್ವೇಷಿಸಬೇಕಿದೆ. ಬಹುಪಕ್ಷೀಯತೆಯ ಮೌಲ್ಯಗಳನ್ನು ಎತ್ತಿಹಿಡಿಯುವುದು ಇಂದಿನ ತುರ್ತು.
ಳೆದ ಕೆಲವು ವರ್ಷಗಳಿಂದ ಜಾಗತಿಕ ವ್ಯಾಪಾರದ ಸ್ವರೂಪ ವೇಗವಾಗಿ ಬದಲಾಗುತ್ತಿದೆ. ಅಮೆರಿಕ ತನ್ನ ಆಮದುಗಳ ಮೇಲೆ ಹೆಚ್ಚಿನ ಸುಂಕ ವಿಧಿಸಿದ ಬಳಿಕ ವಿಶ್ವ ವ್ಯಾಪಾರ ಸಂಘಟನೆಯ ಪ್ರಸ್ತುತತೆಯ ಬಗ್ಗೆ ಪ್ರಶ್ನೆಗಳು ಎದ್ದಿವೆ. ಮುಕ್ತ ವ್ಯಾಪಾರ ಮತ್ತು ಬಹುಪಕ್ಷೀಯ ಒಪ್ಪಂದಗಳ ಮೂಲಕ ರಾಷ್ಟ್ರಗಳ ನಡುವೆ ನ್ಯಾಯಯುತ ವಹಿವಾಟನ್ನು ಖಾತ್ರಿಪಡಿಸುವುದು ಡಬ್ಲ್ಯುಟಿಒ ಸ್ಥಾಪನೆಯ ಉದ್ದೇಶವಾಗಿತ್ತು. 1995ರಲ್ಲಿ ಅಸ್ತಿತ್ವಕ್ಕೆ ಬಂದ ಈ ಸಂಸ್ಥೆ ವಿವಾದ ಪರಿಹಾರ ವ್ಯವಸ್ಥೆಯ ಮೂಲಕ ಸದಸ್ಯ ರಾಷ್ಟ್ರಗಳ ನಡುವಿನ ಭಿನ್ನಾಭಿಪ್ರಾಯಗಳನ್ನು ಬಗೆಹರಿಸುತ್ತಿತ್ತು. ಆದರೆ ಮೇಲ್ಮನವಿ ಮಂಡಳಿಗೆ ಸದಸ್ಯರ ನೇಮಕಾತಿಯನ್ನು ತಡೆಹಿಡಿದ ಬಳಿಕ ಆ ವ್ಯವಸ್ಥೆ ನಿಷ್ಕ್ರಿಯವಾಗಿದೆ. ದ್ವಿಪಕ್ಷೀಯ ಮತ್ತು ಪ್ರಾದೇಶಿಕ ಮುಕ್ತ ವ್ಯಾಪಾರ ಒಪ್ಪಂದಗಳು ಹೆಚ್ಚುತ್ತಿರುವುದರಿಂದ ಬಹುಪಕ್ಷೀಯ ವ್ಯವಸ್ಥೆ ದುರ್ಬಲಗೊಳ್ಳುತ್ತಿದೆ. ಭಾರತದಂತಹ ಅಭಿವೃದ್ಧಿಶೀಲ ರಾಷ್ಟ್ರಗಳಿಗೆ ಡಬ್ಲ್ಯುಟಿಒ ಒಂದು ಸಮಾನ ವೇದಿಕೆಯಾಗಿತ್ತು. ಕೃಷಿ ಸಬ್ಸಿಡಿ, ಆಹಾರ ಭದ್ರತೆ ಮತ್ತು ಬೌದ್ಧಿಕ ಆಸ್ತಿ ಹಕ್ಕುಗಳ ವಿಷಯದಲ್ಲಿ ಭಾರತ ತನ್ನ ಹಿತಾಸಕ್ತಿಗಳನ್ನು ರಕ್ಷಿಸಿಕೊಂಡಿದೆ. ಸುಂಕ ಸಮರದ ಈ ಹೊತ್ತಿನಲ್ಲಿ ಸಂಸ್ಥೆಯ ಸುಧಾರಣೆ ಅನಿವಾರ್ಯ. ಇಲ್ಲವಾದಲ್ಲಿ ಜಾಗತಿಕ ವ್ಯಾಪಾರ ವ್ಯವಸ್ಥೆ ಬಲಿಷ್ಠ ರಾಷ್ಟ್ರಗಳ ಏಕಪಕ್ಷೀಯ ನಿರ್ಧಾರಗಳಿಗೆ ಬಲಿಯಾಗುವ ಅಪಾಯವಿದೆ. ಭಾರತ ತನ್ನ ರಫ್ತು ನೀತಿಯನ್ನು ಬಲಪಡಿಸಿಕೊಂಡು ಹೊಸ ಮಾರುಕಟ್ಟೆಗಳನ್ನು ಅನ್ವೇಷಿಸಬೇಕಿದೆ. ಬಹುಪಕ್ಷೀಯತೆಯ ಮೌಲ್ಯಗಳನ್ನು ಎತ್ತಿಹಿಡಿಯುವುದು ಇಂದಿನ ತುರ್ತು.
ಡಬ್ಲ್ಯುಟಿಒ ರಚನೆ
ಳೆದ ಕೆಲವು ವರ್ಷಗಳಿಂದ ಜಾಗತಿಕ ವ್ಯಾಪಾರದ ಸ್ವರೂಪ ವೇಗವಾಗಿ ಬದಲಾಗುತ್ತಿದೆ. ಅಮೆರಿಕ ತನ್ನ ಆಮದುಗಳ ಮೇಲೆ ಹೆಚ್ಚಿನ ಸುಂಕ ವಿಧಿಸಿದ ಬಳಿಕ ವಿಶ್ವ ವ್ಯಾಪಾರ ಸಂಘಟನೆಯ ಪ್ರಸ್ತುತತೆಯ ಬಗ್ಗೆ ಪ್ರಶ್ನೆಗಳು ಎದ್ದಿವೆ. ಮುಕ್ತ ವ್ಯಾಪಾರ ಮತ್ತು ಬಹುಪಕ್ಷೀಯ ಒಪ್ಪಂದಗಳ ಮೂಲಕ ರಾಷ್ಟ್ರಗಳ ನಡುವೆ ನ್ಯಾಯಯುತ ವಹಿವಾಟನ್ನು ಖಾತ್ರಿಪಡಿಸುವುದು ಡಬ್ಲ್ಯುಟಿಒ ಸ್ಥಾಪನೆಯ ಉದ್ದೇಶವಾಗಿತ್ತು. 1995ರಲ್ಲಿ ಅಸ್ತಿತ್ವಕ್ಕೆ ಬಂದ ಈ ಸಂಸ್ಥೆ ವಿವಾದ ಪರಿಹಾರ ವ್ಯವಸ್ಥೆಯ ಮೂಲಕ ಸದಸ್ಯ ರಾಷ್ಟ್ರಗಳ ನಡುವಿನ ಭಿನ್ನಾಭಿಪ್ರಾಯಗಳನ್ನು ಬಗೆಹರಿಸುತ್ತಿತ್ತು. ಆದರೆ ಮೇಲ್ಮನವಿ ಮಂಡಳಿಗೆ ಸದಸ್ಯರ ನೇಮಕಾತಿಯನ್ನು ತಡೆಹಿಡಿದ ಬಳಿಕ ಆ ವ್ಯವಸ್ಥೆ ನಿಷ್ಕ್ರಿಯವಾಗಿದೆ. ದ್ವಿಪಕ್ಷೀಯ ಮತ್ತು ಪ್ರಾದೇಶಿಕ ಮುಕ್ತ ವ್ಯಾಪಾರ ಒಪ್ಪಂದಗಳು ಹೆಚ್ಚುತ್ತಿರುವುದರಿಂದ ಬಹುಪಕ್ಷೀಯ ವ್ಯವಸ್ಥೆ ದುರ್ಬಲಗೊಳ್ಳುತ್ತಿದೆ. ಭಾರತದಂತಹ ಅಭಿವೃದ್ಧಿಶೀಲ ರಾಷ್ಟ್ರಗಳಿಗೆ ಡಬ್ಲ್ಯುಟಿಒ ಒಂದು ಸಮಾನ ವೇದಿಕೆಯಾಗಿತ್ತು. ಕೃಷಿ ಸಬ್ಸಿಡಿ, ಆಹಾರ ಭದ್ರತೆ ಮತ್ತು ಬೌದ್ಧಿಕ ಆಸ್ತಿ ಹಕ್ಕುಗಳ ವಿಷಯದಲ್ಲಿ ಭಾರತ ತನ್ನ ಹಿತಾಸಕ್ತಿಗಳನ್ನು ರಕ್ಷಿಸಿಕೊಂಡಿದೆ. ಸುಂಕ ಸಮರದ ಈ ಹೊತ್ತಿನಲ್ಲಿ ಸಂಸ್ಥೆಯ ಸುಧಾರಣೆ ಅನಿವಾರ್ಯ. ಇಲ್ಲವಾದಲ್ಲಿ ಜಾಗತಿಕ ವ್ಯಾಪಾರ ವ್ಯವಸ್ಥೆ ಬಲಿಷ್ಠ ರಾಷ್ಟ್ರಗಳ ಏಕಪಕ್ಷೀಯ ನಿರ್ಧಾರಗಳಿಗೆ ಬಲಿಯಾಗುವ ಅಪಾಯವಿದೆ. ಭಾರತ ತನ್ನ ರಫ್ತು ನೀತಿಯನ್ನು ಬಲಪಡಿಸಿಕೊಂಡು ಹೊಸ ಮಾರುಕಟ್ಟೆಗಳನ್ನು ಅನ್ವೇಷಿಸಬೇಕಿದೆ. ಬಹುಪಕ್ಷೀಯತೆಯ ಮೌಲ್ಯಗಳನ್ನು ಎತ್ತಿಹಿಡಿಯುವುದು ಇಂದಿನ ತುರ್ತು.
ಳೆದ ಕೆಲವು ವರ್ಷಗಳಿಂದ ಜಾಗತಿಕ ವ್ಯಾಪಾರದ ಸ್ವರೂಪ ವೇಗವಾಗಿ ಬದಲಾಗುತ್ತಿದೆ. ಅಮೆರಿಕ ತನ್ನ ಆಮದುಗಳ ಮೇಲೆ ಹೆಚ್ಚಿನ ಸುಂಕ ವಿಧಿಸಿದ ಬಳಿಕ ವಿಶ್ವ ವ್ಯಾಪಾರ ಸಂಘಟನೆಯ ಪ್ರಸ್ತುತತೆಯ ಬಗ್ಗೆ ಪ್ರಶ್ನೆಗಳು ಎದ್ದಿವೆ. ಮುಕ್ತ ವ್ಯಾಪಾರ ಮತ್ತು ಬಹುಪಕ್ಷೀಯ ಒಪ್ಪಂದಗಳ ಮೂಲಕ ರಾಷ್ಟ್ರಗಳ ನಡುವೆ ನ್ಯಾಯಯುತ ವಹಿವಾಟನ್ನು ಖಾತ್ರಿಪಡಿಸುವುದು ಡಬ್ಲ್ಯುಟಿಒ ಸ್ಥಾಪನೆಯ ಉದ್ದೇಶವಾಗಿತ್ತು. 1995ರಲ್ಲಿ ಅಸ್ತಿತ್ವಕ್ಕೆ ಬಂದ ಈ ಸಂಸ್ಥೆ ವಿವಾದ ಪರಿಹಾರ ವ್ಯವಸ್ಥೆಯ ಮೂಲಕ ಸದಸ್ಯ ರಾಷ್ಟ್ರಗಳ ನಡುವಿನ ಭಿನ್ನಾಭಿಪ್ರಾಯಗಳನ್ನು ಬಗೆಹರಿಸುತ್ತಿತ್ತು. ಆದರೆ ಮೇಲ್ಮನವಿ ಮಂಡಳಿಗೆ ಸದಸ್ಯರ ನೇಮಕಾತಿಯನ್ನು ತಡೆಹಿಡಿದ ಬಳಿಕ ಆ ವ್ಯವಸ್ಥೆ ನಿಷ್ಕ್ರಿಯವಾಗಿದೆ. ದ್ವಿಪಕ್ಷೀಯ ಮತ್ತು ಪ್ರಾದೇಶಿಕ ಮುಕ್ತ ವ್ಯಾಪಾರ ಒಪ್ಪಂದಗಳು ಹೆಚ್ಚುತ್ತಿರುವುದರಿಂದ ಬಹುಪಕ್ಷೀಯ ವ್ಯವಸ್ಥೆ ದುರ್ಬಲಗೊಳ್ಳುತ್ತಿದೆ. ಭಾರತದಂತಹ ಅಭಿವೃದ್ಧಿಶೀಲ ರಾಷ್ಟ್ರಗಳಿಗೆ ಡಬ್ಲ್ಯುಟಿಒ ಒಂದು ಸಮಾನ ವೇದಿಕೆಯಾಗಿತ್ತು. ಕೃಷಿ ಸಬ್ಸಿಡಿ, ಆಹಾರ ಭದ್ರತೆ ಮತ್ತು ಬೌದ್ಧಿಕ ಆಸ್ತಿ ಹಕ್ಕುಗಳ ವಿಷಯದಲ್ಲಿ ಭಾರತ ತನ್ನ ಹಿತಾಸಕ್ತಿಗಳನ್ನು ರಕ್ಷಿಸಿಕೊಂಡಿದೆ. ಸುಂಕ ಸಮರದ ಈ ಹೊತ್ತಿನಲ್ಲಿ ಸಂಸ್ಥೆಯ ಸುಧಾರಣೆ ಅನಿವಾರ್ಯ. ಇಲ್ಲವಾದಲ್ಲಿ ಜಾಗತಿಕ ವ್ಯಾಪಾರ ವ್ಯವಸ್ಥೆ ಬಲಿಷ್ಠ ರಾಷ್ಟ್ರಗಳ ಏಕಪಕ್ಷೀಯ ನಿರ್ಧಾರಗಳಿಗೆ ಬಲಿಯಾಗುವ ಅಪಾಯವಿದೆ. ಭಾರತ ತನ್ನ ರಫ್ತು ನೀತಿಯನ್ನು ಬಲಪಡಿಸಿಕೊಂಡು ಹೊಸ ಮಾರುಕಟ್ಟೆಗಳನ್ನು ಅನ್ವೇಷಿಸಬೇಕಿದೆ. ಬಹುಪಕ್ಷೀಯತೆಯ ಮೌಲ್ಯಗಳನ್ನು ಎತ್ತಿಹಿಡಿಯುವುದು ಇಂದಿನ ತುರ್ತು.
